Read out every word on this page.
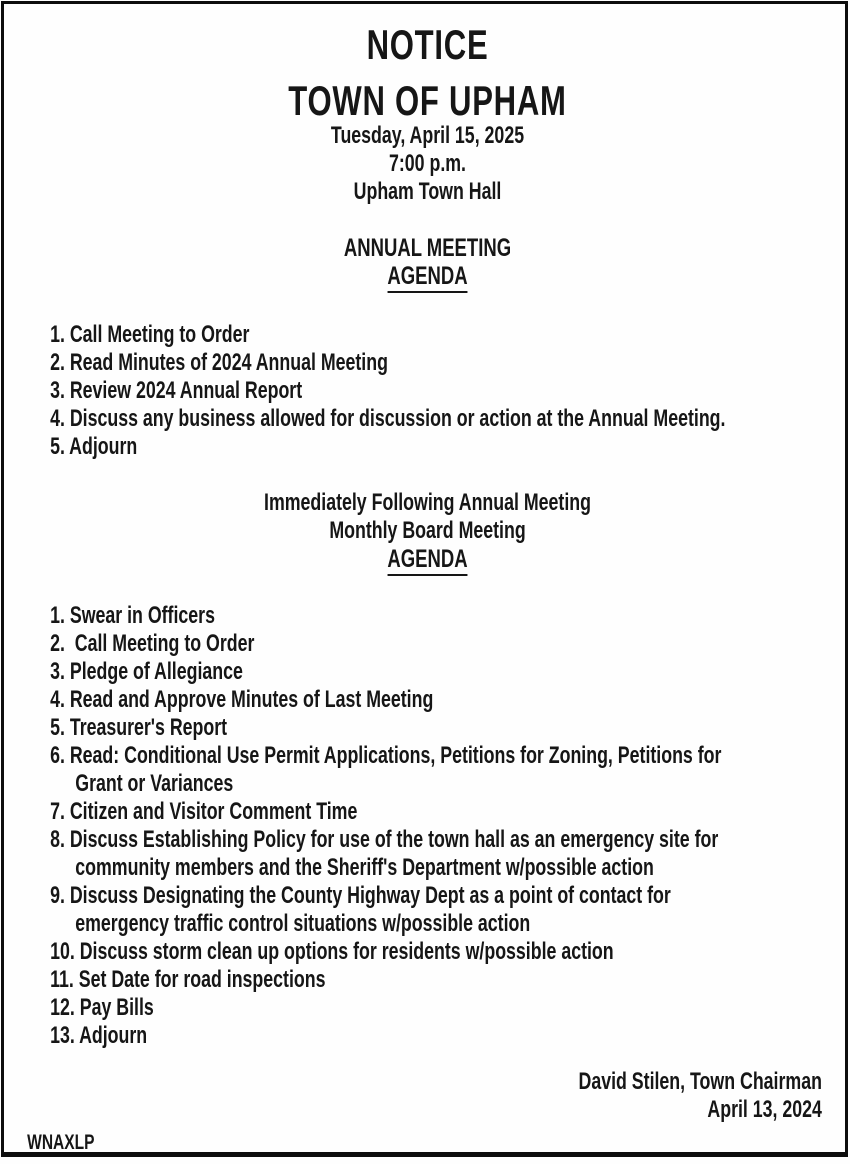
NOTICE
TOWN OF UPHAM
Tuesday, April 15, 2025
7:00 p.m.
Upham Town Hall
ANNUAL MEETING
AGENDA
1. Call Meeting to Order
2. Read Minutes of 2024 Annual Meeting
3. Review 2024 Annual Report
4. Discuss any business allowed for discussion or action at the Annual Meeting.
5. Adjourn
Immediately Following Annual Meeting
Monthly Board Meeting
AGENDA
1. Swear in Officers
2.  Call Meeting to Order
3. Pledge of Allegiance
4. Read and Approve Minutes of Last Meeting
5. Treasurer's Report
6. Read: Conditional Use Permit Applications, Petitions for Zoning, Petitions for
Grant or Variances
7. Citizen and Visitor Comment Time
8. Discuss Establishing Policy for use of the town hall as an emergency site for
community members and the Sheriff's Department w/possible action
9. Discuss Designating the County Highway Dept as a point of contact for
emergency traffic control situations w/possible action
10. Discuss storm clean up options for residents w/possible action
11. Set Date for road inspections
12. Pay Bills
13. Adjourn
David Stilen, Town Chairman
April 13, 2024
WNAXLP
